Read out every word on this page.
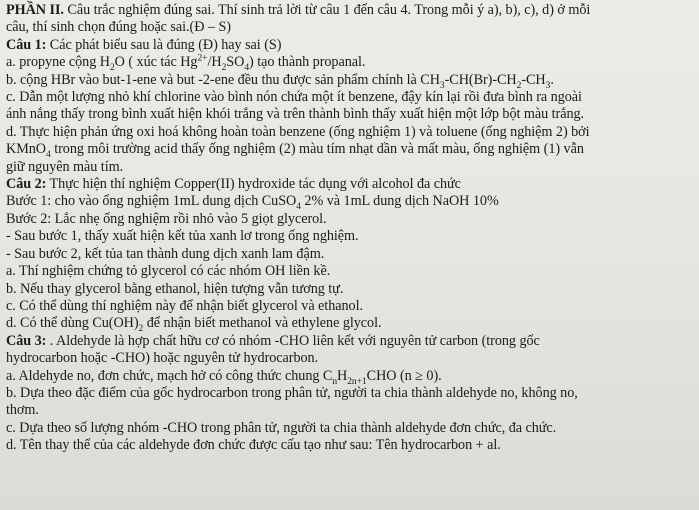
PHẦN II. Câu trắc nghiệm đúng sai. Thí sinh trả lời từ câu 1 đến câu 4. Trong mỗi ý a), b), c), d) ở mỗi
câu, thí sinh chọn đúng hoặc sai.(Đ – S)
Câu 1: Các phát biểu sau là đúng (Đ) hay sai (S)
a. propyne cộng $H_2O$ ( xúc tác $Hg^{2+}/H_2SO_4$) tạo thành propanal.
b. cộng HBr vào but-1-ene và but -2-ene đều thu được sản phẩm chính là $CH_3-CH(Br)-CH_2-CH_3$.
c. Dẫn một lượng nhỏ khí chlorine vào bình nón chứa một ít benzene, đậy kín lại rồi đưa bình ra ngoài
ánh nắng thấy trong bình xuất hiện khói trắng và trên thành bình thấy xuất hiện một lớp bột màu trắng.
d. Thực hiện phản ứng oxi hoá không hoàn toàn benzene (ống nghiệm 1) và toluene (ống nghiệm 2) bởi
KMnO$_4$ trong môi trường acid thấy ống nghiệm (2) màu tím nhạt dần và mất màu, ống nghiệm (1) vẫn
giữ nguyên màu tím.
Câu 2: Thực hiện thí nghiệm Copper(II) hydroxide tác dụng với alcohol đa chức
Bước 1: cho vào ống nghiệm 1mL dung dịch CuSO$_4$ 2% và 1mL dung dịch NaOH 10%
Bước 2: Lắc nhẹ ống nghiệm rồi nhỏ vào 5 giọt glycerol.
- Sau bước 1, thấy xuất hiện kết tủa xanh lơ trong ống nghiệm.
- Sau bước 2, kết tủa tan thành dung dịch xanh lam đậm.
a. Thí nghiệm chứng tỏ glycerol có các nhóm OH liền kề.
b. Nếu thay glycerol bằng ethanol, hiện tượng vẫn tương tự.
c. Có thể dùng thí nghiệm này để nhận biết glycerol và ethanol.
d. Có thể dùng $Cu(OH)_2$ để nhận biết methanol và ethylene glycol.
Câu 3: . Aldehyde là hợp chất hữu cơ có nhóm -CHO liên kết với nguyên tử carbon (trong gốc
hydrocarbon hoặc -CHO) hoặc nguyên tử hydrocarbon.
a. Aldehyde no, đơn chức, mạch hở có công thức chung $C_nH_{2n+1}CHO$ (n ≥ 0).
b. Dựa theo đặc điểm của gốc hydrocarbon trong phân tử, người ta chia thành aldehyde no, không no,
thơm.
c. Dựa theo số lượng nhóm -CHO trong phân tử, người ta chia thành aldehyde đơn chức, đa chức.
d. Tên thay thế của các aldehyde đơn chức được cấu tạo như sau: Tên hydrocarbon + al.
